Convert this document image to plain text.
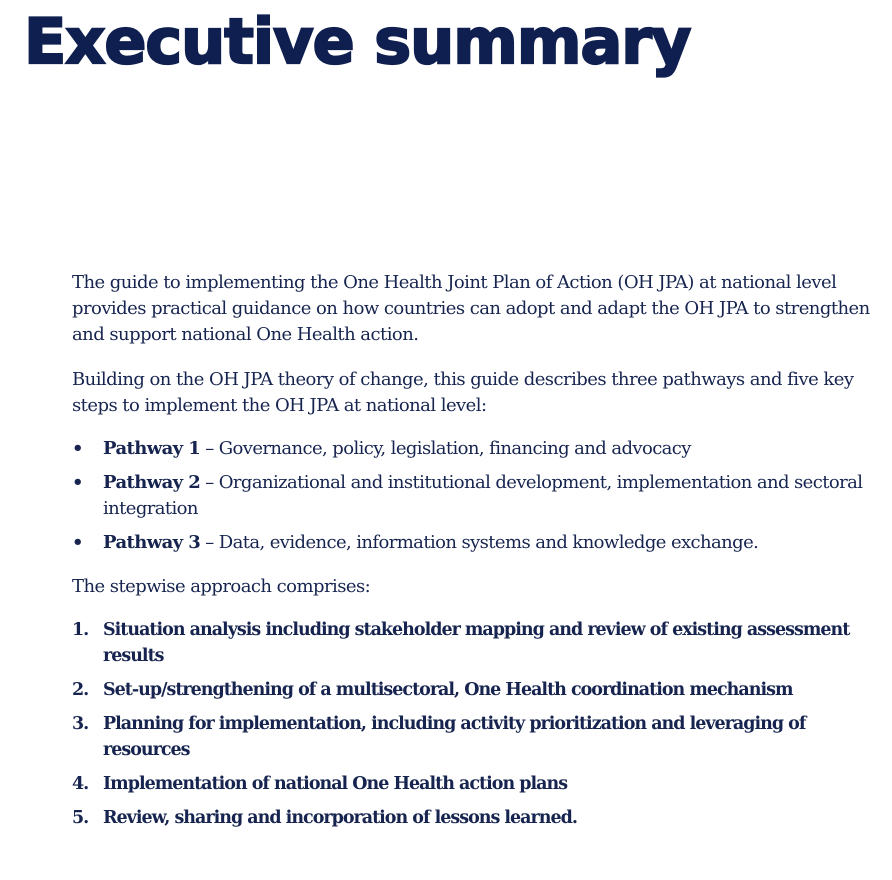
Executive summary

The guide to implementing the One Health Joint Plan of Action (OH JPA) at national level provides practical guidance on how countries can adopt and adapt the OH JPA to strengthen and support national One Health action.

Building on the OH JPA theory of change, this guide describes three pathways and five key steps to implement the OH JPA at national level:

• Pathway 1 – Governance, policy, legislation, financing and advocacy
• Pathway 2 – Organizational and institutional development, implementation and sectoral integration
• Pathway 3 – Data, evidence, information systems and knowledge exchange.

The stepwise approach comprises:

1. Situation analysis including stakeholder mapping and review of existing assessment results
2. Set-up/strengthening of a multisectoral, One Health coordination mechanism
3. Planning for implementation, including activity prioritization and leveraging of resources
4. Implementation of national One Health action plans
5. Review, sharing and incorporation of lessons learned.
